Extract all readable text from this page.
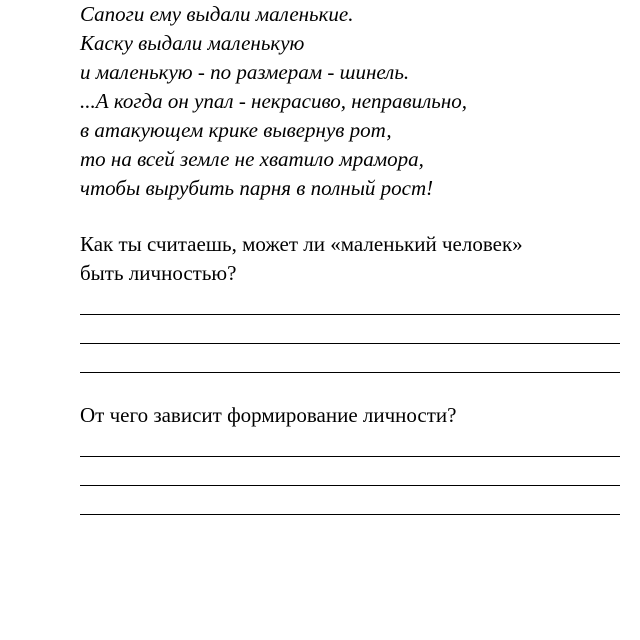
Сапоги ему выдали маленькие.
Каску выдали маленькую
и маленькую - по размерам - шинель.
...А когда он упал - некрасиво, неправильно,
в атакующем крике вывернув рот,
то на всей земле не хватило мрамора,
чтобы вырубить парня в полный рост!
Как ты считаешь, может ли «маленький человек»
быть личностью?
От чего зависит формирование личности?
